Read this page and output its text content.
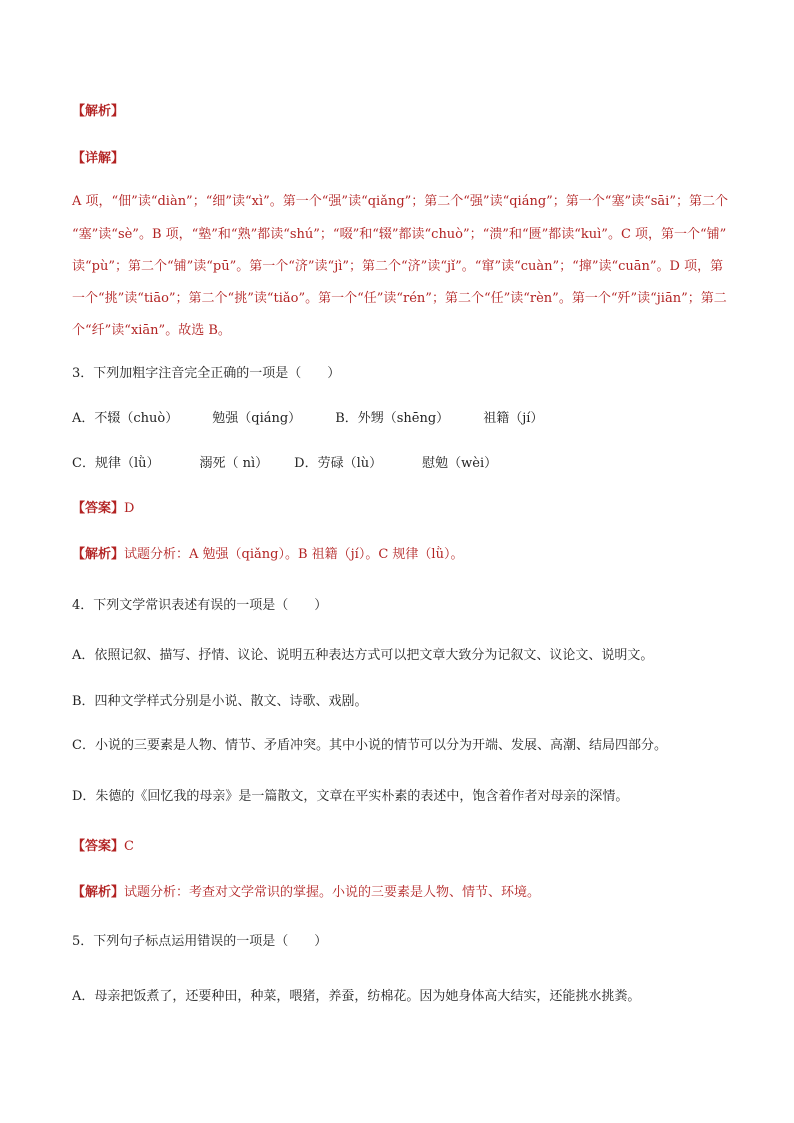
【解析】
【详解】
A 项，“佃”读“diàn”；“细”读“xì”。第一个“强”读“qiǎng”；第二个“强”读“qiáng”；第一个“塞”读“sāi”；第二个
“塞”读“sè”。B 项，“塾”和“熟”都读“shú”；“啜”和“辍”都读“chuò”；“溃”和“匮”都读“kuì”。C 项，第一个“铺”
读“pù”；第二个“铺”读“pū”。第一个“济”读“jì”；第二个“济”读“jǐ”。“窜”读“cuàn”；“撺”读“cuān”。D 项，第
一个“挑”读“tiāo”；第二个“挑”读“tiǎo”。第一个“任”读“rén”；第二个“任”读“rèn”。第一个“歼”读“jiān”；第二
个“纤”读“xiān”。故选 B。
3．下列加粗字注音完全正确的一项是（　　）
A．不辍（chuò）	勉强（qiáng）	B．外甥（shēng）	祖籍（jí）
C．规律（lǜ）	溺死（ nì） D．劳碌（lù）	慰勉（wèi）
【答案】D
【解析】试题分析：A 勉强（qiǎng）。B 祖籍（jí）。C 规律（lǜ）。
4．下列文学常识表述有误的一项是（　　）
A．依照记叙、描写、抒情、议论、说明五种表达方式可以把文章大致分为记叙文、议论文、说明文。
B．四种文学样式分别是小说、散文、诗歌、戏剧。
C．小说的三要素是人物、情节、矛盾冲突。其中小说的情节可以分为开端、发展、高潮、结局四部分。
D．朱德的《回忆我的母亲》是一篇散文，文章在平实朴素的表述中，饱含着作者对母亲的深情。
【答案】C
【解析】试题分析：考查对文学常识的掌握。小说的三要素是人物、情节、环境。
5．下列句子标点运用错误的一项是（　　）
A．母亲把饭煮了，还要种田，种菜，喂猪，养蚕，纺棉花。因为她身体高大结实，还能挑水挑粪。
